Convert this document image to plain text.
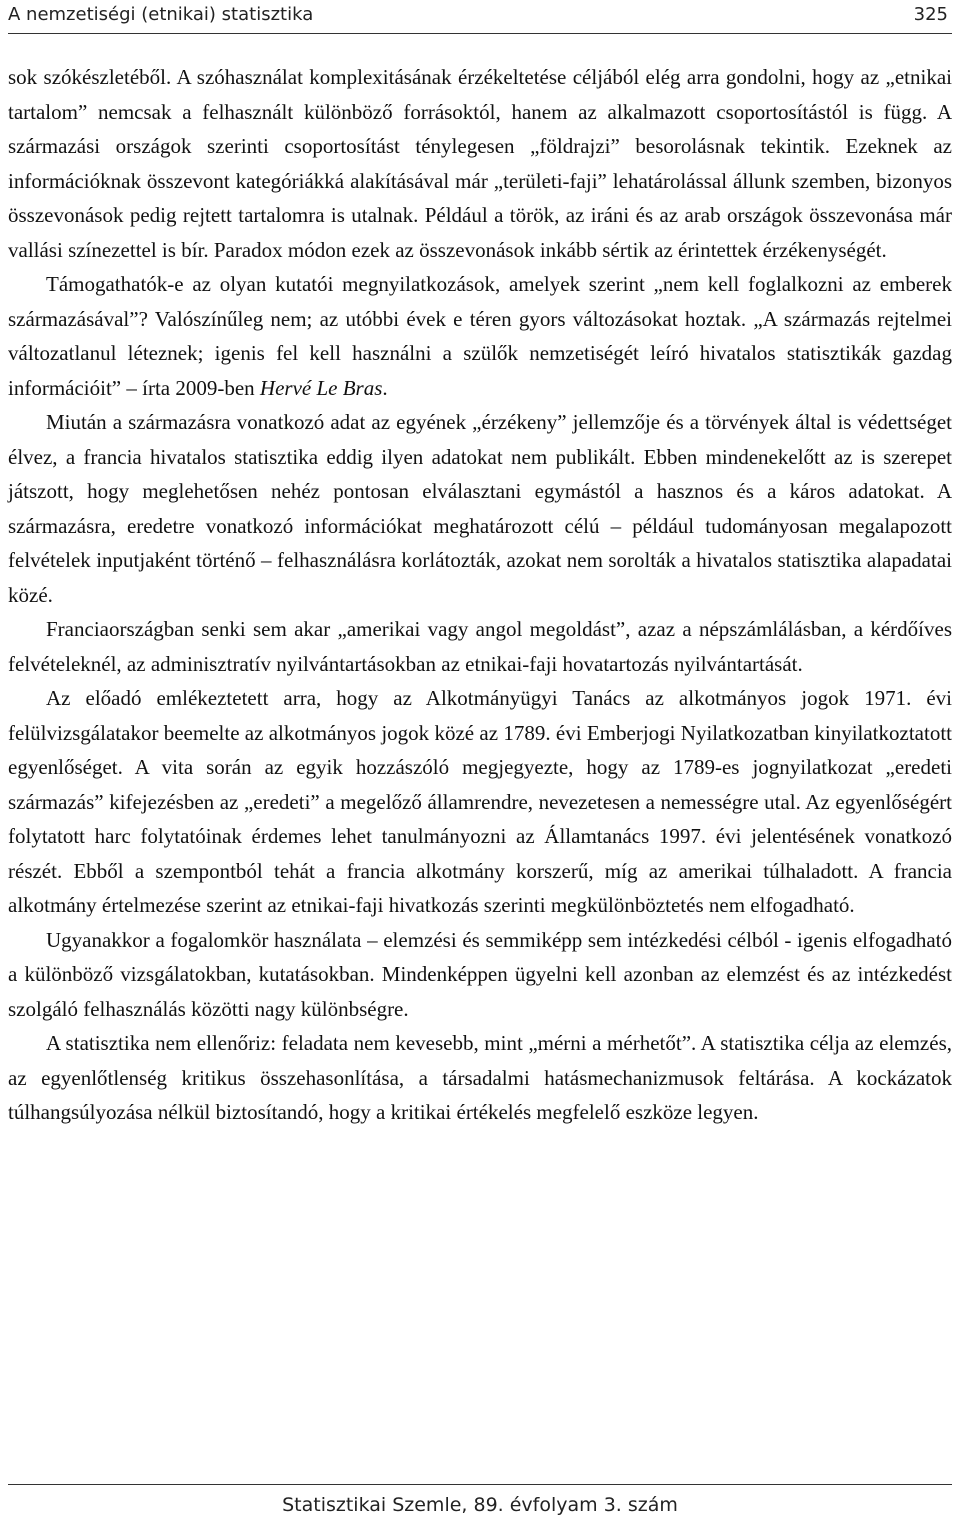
A nemzetiségi (etnikai) statisztika	325

sok szókészletéből. A szóhasználat komplexitásának érzékeltetése céljából elég arra gondolni, hogy az „etnikai tartalom” nemcsak a felhasznált különböző forrásoktól, hanem az alkalmazott csoportosítástól is függ. A származási országok szerinti csoportosítást ténylegesen „földrajzi” besorolásnak tekintik. Ezeknek az információknak összevont kategóriákká alakításával már „területi-faji” lehatárolással állunk szemben, bizonyos összevonások pedig rejtett tartalomra is utalnak. Például a török, az iráni és az arab országok összevonása már vallási színezettel is bír. Paradox módon ezek az összevonások inkább sértik az érintettek érzékenységét.

Támogathatók-e az olyan kutatói megnyilatkozások, amelyek szerint „nem kell foglalkozni az emberek származásával”? Valószínűleg nem; az utóbbi évek e téren gyors változásokat hoztak. „A származás rejtelmei változatlanul léteznek; igenis fel kell használni a szülők nemzetiségét leíró hivatalos statisztikák gazdag információit” – írta 2009-ben Hervé Le Bras.

Miután a származásra vonatkozó adat az egyének „érzékeny” jellemzője és a törvények által is védettséget élvez, a francia hivatalos statisztika eddig ilyen adatokat nem publikált. Ebben mindenekelőtt az is szerepet játszott, hogy meglehetősen nehéz pontosan elválasztani egymástól a hasznos és a káros adatokat. A származásra, eredetre vonatkozó információkat meghatározott célú – például tudományosan megalapozott felvételek inputjaként történő – felhasználásra korlátozták, azokat nem sorolták a hivatalos statisztika alapadatai közé.

Franciaországban senki sem akar „amerikai vagy angol megoldást”, azaz a népszámlálásban, a kérdőíves felvételeknél, az adminisztratív nyilvántartásokban az etnikai-faji hovatartozás nyilvántartását.

Az előadó emlékeztetett arra, hogy az Alkotmányügyi Tanács az alkotmányos jogok 1971. évi felülvizsgálatakor beemelte az alkotmányos jogok közé az 1789. évi Emberjogi Nyilatkozatban kinyilatkoztatott egyenlőséget. A vita során az egyik hozzászóló megjegyezte, hogy az 1789-es jognyilatkozat „eredeti származás” kifejezésben az „eredeti” a megelőző államrendre, nevezetesen a nemességre utal. Az egyenlőségért folytatott harc folytatóinak érdemes lehet tanulmányozni az Államtanács 1997. évi jelentésének vonatkozó részét. Ebből a szempontból tehát a francia alkotmány korszerű, míg az amerikai túlhaladott. A francia alkotmány értelmezése szerint az etnikai-faji hivatkozás szerinti megkülönböztetés nem elfogadható.

Ugyanakkor a fogalomkör használata – elemzési és semmiképp sem intézkedési célból - igenis elfogadható a különböző vizsgálatokban, kutatásokban. Mindenképpen ügyelni kell azonban az elemzést és az intézkedést szolgáló felhasználás közötti nagy különbségre.

A statisztika nem ellenőriz: feladata nem kevesebb, mint „mérni a mérhetőt”. A statisztika célja az elemzés, az egyenlőtlenség kritikus összehasonlítása, a társadalmi hatásmechanizmusok feltárása. A kockázatok túlhangsúlyozása nélkül biztosítandó, hogy a kritikai értékelés megfelelő eszköze legyen.

Statisztikai Szemle, 89. évfolyam 3. szám
